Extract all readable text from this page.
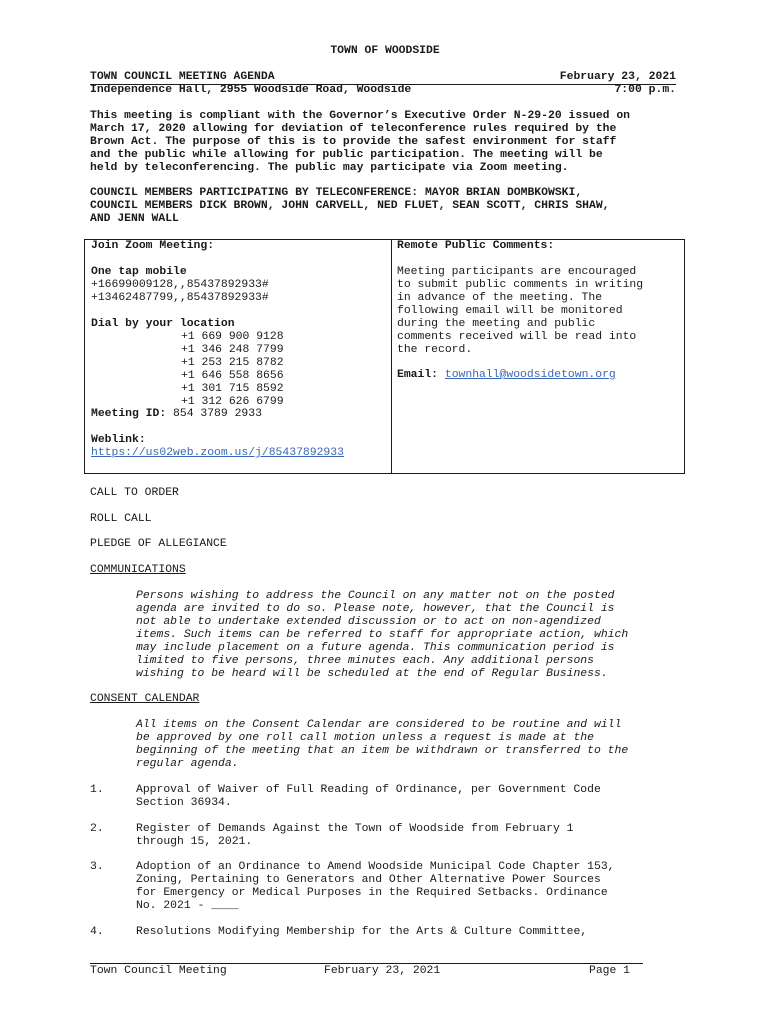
TOWN OF WOODSIDE
TOWN COUNCIL MEETING AGENDA	February 23, 2021
Independence Hall, 2955 Woodside Road, Woodside	7:00 p.m.
This meeting is compliant with the Governor’s Executive Order N-29-20 issued on
March 17, 2020 allowing for deviation of teleconference rules required by the
Brown Act. The purpose of this is to provide the safest environment for staff
and the public while allowing for public participation. The meeting will be
held by teleconferencing. The public may participate via Zoom meeting.
COUNCIL MEMBERS PARTICIPATING BY TELECONFERENCE: MAYOR BRIAN DOMBKOWSKI,
COUNCIL MEMBERS DICK BROWN, JOHN CARVELL, NED FLUET, SEAN SCOTT, CHRIS SHAW,
AND JENN WALL
Join Zoom Meeting:
One tap mobile
+16699009128,,85437892933#
+13462487799,,85437892933#
Dial by your location
+1 669 900 9128
+1 346 248 7799
+1 253 215 8782
+1 646 558 8656
+1 301 715 8592
+1 312 626 6799
Meeting ID: 854 3789 2933
Weblink:
https://us02web.zoom.us/j/85437892933
Remote Public Comments:
Meeting participants are encouraged
to submit public comments in writing
in advance of the meeting. The
following email will be monitored
during the meeting and public
comments received will be read into
the record.
Email: townhall@woodsidetown.org
CALL TO ORDER
ROLL CALL
PLEDGE OF ALLEGIANCE
COMMUNICATIONS
Persons wishing to address the Council on any matter not on the posted
agenda are invited to do so. Please note, however, that the Council is
not able to undertake extended discussion or to act on non-agendized
items. Such items can be referred to staff for appropriate action, which
may include placement on a future agenda. This communication period is
limited to five persons, three minutes each. Any additional persons
wishing to be heard will be scheduled at the end of Regular Business.
CONSENT CALENDAR
All items on the Consent Calendar are considered to be routine and will
be approved by one roll call motion unless a request is made at the
beginning of the meeting that an item be withdrawn or transferred to the
regular agenda.
1.	Approval of Waiver of Full Reading of Ordinance, per Government Code
Section 36934.
2.	Register of Demands Against the Town of Woodside from February 1
through 15, 2021.
3.	Adoption of an Ordinance to Amend Woodside Municipal Code Chapter 153,
Zoning, Pertaining to Generators and Other Alternative Power Sources
for Emergency or Medical Purposes in the Required Setbacks. Ordinance
No. 2021 - ____
4.	Resolutions Modifying Membership for the Arts & Culture Committee,
Town Council Meeting	February 23, 2021	Page 1
